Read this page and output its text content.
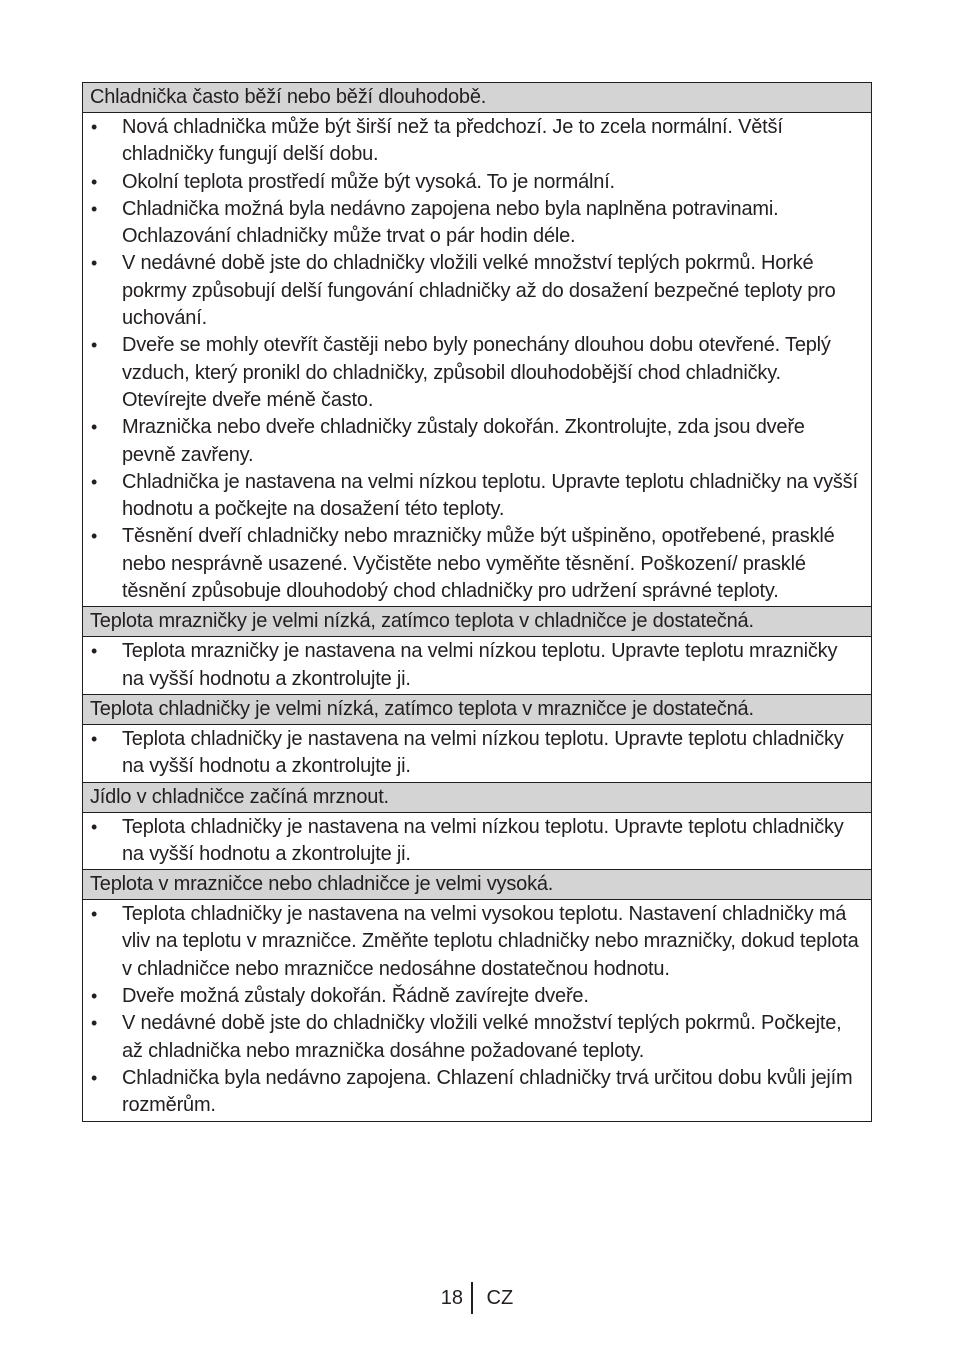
Chladnička často běží nebo běží dlouhodobě.
• Nová chladnička může být širší než ta předchozí. Je to zcela normální. Větší chladničky fungují delší dobu.
• Okolní teplota prostředí může být vysoká. To je normální.
• Chladnička možná byla nedávno zapojena nebo byla naplněna potravinami. Ochlazování chladničky může trvat o pár hodin déle.
• V nedávné době jste do chladničky vložili velké množství teplých pokrmů. Horké pokrmy způsobují delší fungování chladničky až do dosažení bezpečné teploty pro uchování.
• Dveře se mohly otevřít častěji nebo byly ponechány dlouhou dobu otevřené. Teplý vzduch, který pronikl do chladničky, způsobil dlouhodobější chod chladničky. Otevírejte dveře méně často.
• Mraznička nebo dveře chladničky zůstaly dokořán. Zkontrolujte, zda jsou dveře pevně zavřeny.
• Chladnička je nastavena na velmi nízkou teplotu. Upravte teplotu chladničky na vyšší hodnotu a počkejte na dosažení této teploty.
• Těsnění dveří chladničky nebo mrazničky může být ušpiněno, opotřebené, prasklé nebo nesprávně usazené. Vyčistěte nebo vyměňte těsnění. Poškození/ prasklé těsnění způsobuje dlouhodobý chod chladničky pro udržení správné teploty.
Teplota mrazničky je velmi nízká, zatímco teplota v chladničce je dostatečná.
• Teplota mrazničky je nastavena na velmi nízkou teplotu. Upravte teplotu mrazničky na vyšší hodnotu a zkontrolujte ji.
Teplota chladničky je velmi nízká, zatímco teplota v mrazničce je dostatečná.
• Teplota chladničky je nastavena na velmi nízkou teplotu. Upravte teplotu chladničky na vyšší hodnotu a zkontrolujte ji.
Jídlo v chladničce začíná mrznout.
• Teplota chladničky je nastavena na velmi nízkou teplotu. Upravte teplotu chladničky na vyšší hodnotu a zkontrolujte ji.
Teplota v mrazničce nebo chladničce je velmi vysoká.
• Teplota chladničky je nastavena na velmi vysokou teplotu. Nastavení chladničky má vliv na teplotu v mrazničce. Změňte teplotu chladničky nebo mrazničky, dokud teplota v chladničce nebo mrazničce nedosáhne dostatečnou hodnotu.
• Dveře možná zůstaly dokořán. Řádně zavírejte dveře.
• V nedávné době jste do chladničky vložili velké množství teplých pokrmů. Počkejte, až chladnička nebo mraznička dosáhne požadované teploty.
• Chladnička byla nedávno zapojena. Chlazení chladničky trvá určitou dobu kvůli jejím rozměrům.
18 CZ
